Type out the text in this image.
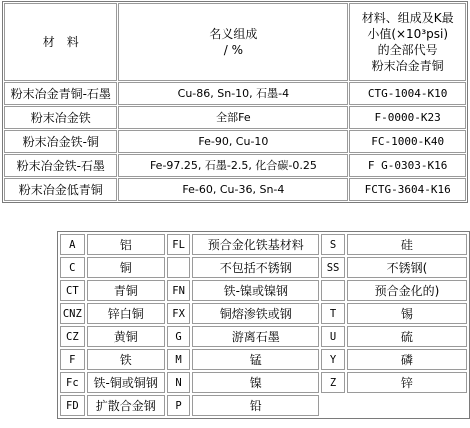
材　料	名义组成
/ %	材料、组成及K最
小值(×10³psi)
的全部代号
粉末冶金青铜

粉末冶金青铜-石墨	Cu-86, Sn-10, 石墨-4	CTG-1004-K10
粉末冶金铁	全部Fe	F-0000-K23
粉末冶金铁-铜	Fe-90, Cu-10	FC-1000-K40
粉末冶金铁-石墨	Fe-97.25, 石墨-2.5, 化合碳-0.25	F G-0303-K16
粉末冶金低青铜	Fe-60, Cu-36, Sn-4	FCTG-3604-K16
A	铝	FL	预合金化铁基材料	S	硅
C	铜		不包括不锈钢	SS	不锈钢(
CT	青铜	FN	铁-镍或镍钢		预合金化的)
CNZ	锌白铜	FX	铜熔渗铁或钢	T	锡
CZ	黄铜	G	游离石墨	U	硫
F	铁	M	锰	Y	磷
Fc	铁-铜或铜钢	N	镍	Z	锌
FD	扩散合金钢	P	铅		
